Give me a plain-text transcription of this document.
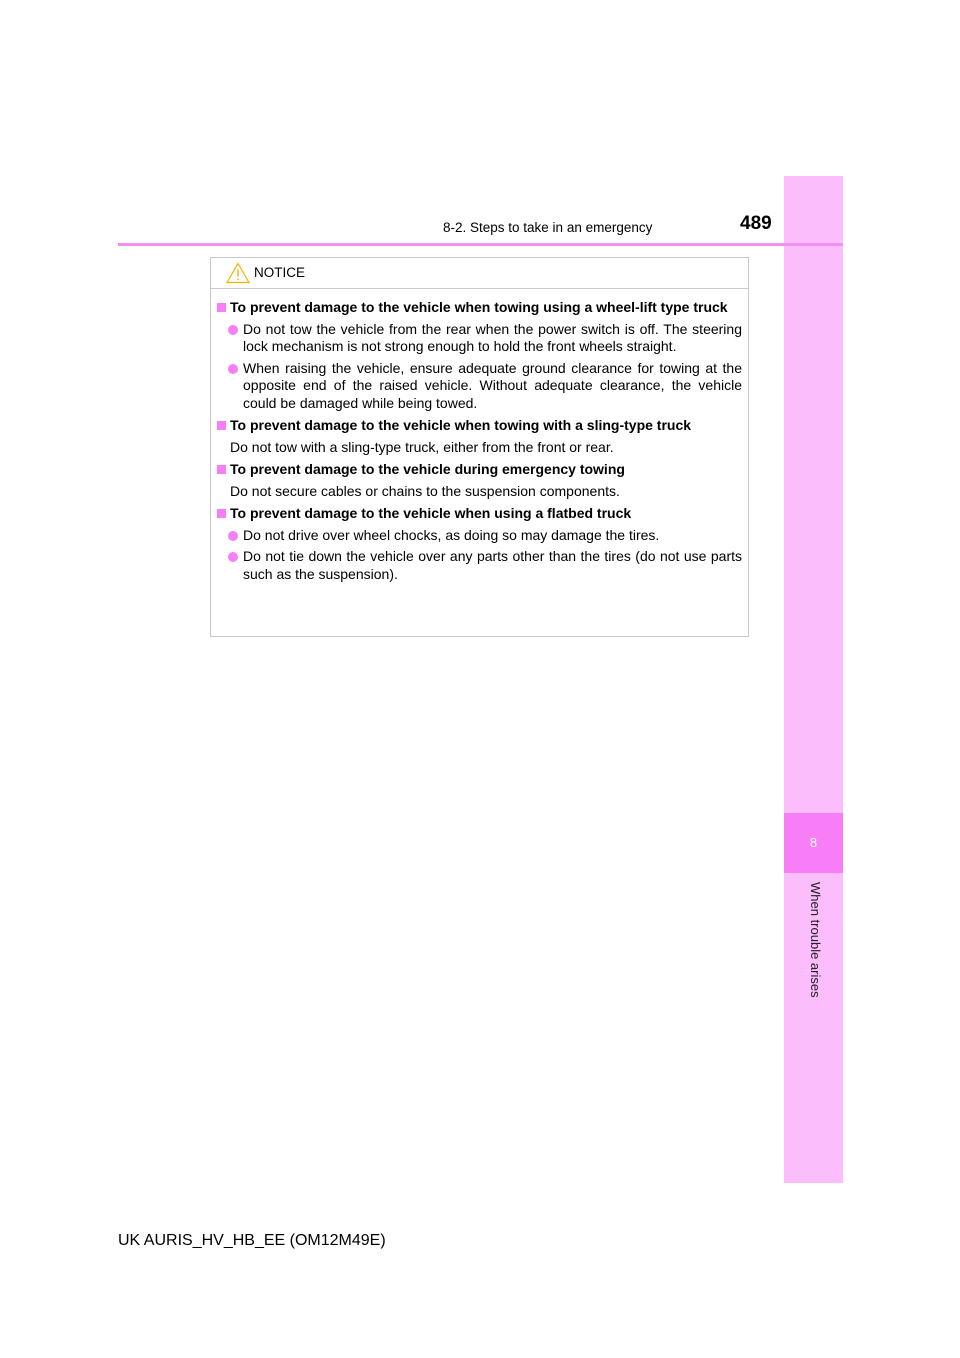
8
When trouble arises
8-2. Steps to take in an emergency	489
NOTICE
To prevent damage to the vehicle when towing using a wheel-lift type truck
Do not tow the vehicle from the rear when the power switch is off. The steering lock mechanism is not strong enough to hold the front wheels straight.
When raising the vehicle, ensure adequate ground clearance for towing at the opposite end of the raised vehicle. Without adequate clearance, the vehicle could be damaged while being towed.
To prevent damage to the vehicle when towing with a sling-type truck
Do not tow with a sling-type truck, either from the front or rear.
To prevent damage to the vehicle during emergency towing
Do not secure cables or chains to the suspension components.
To prevent damage to the vehicle when using a flatbed truck
Do not drive over wheel chocks, as doing so may damage the tires.
Do not tie down the vehicle over any parts other than the tires (do not use parts such as the suspension).
UK AURIS_HV_HB_EE (OM12M49E)
